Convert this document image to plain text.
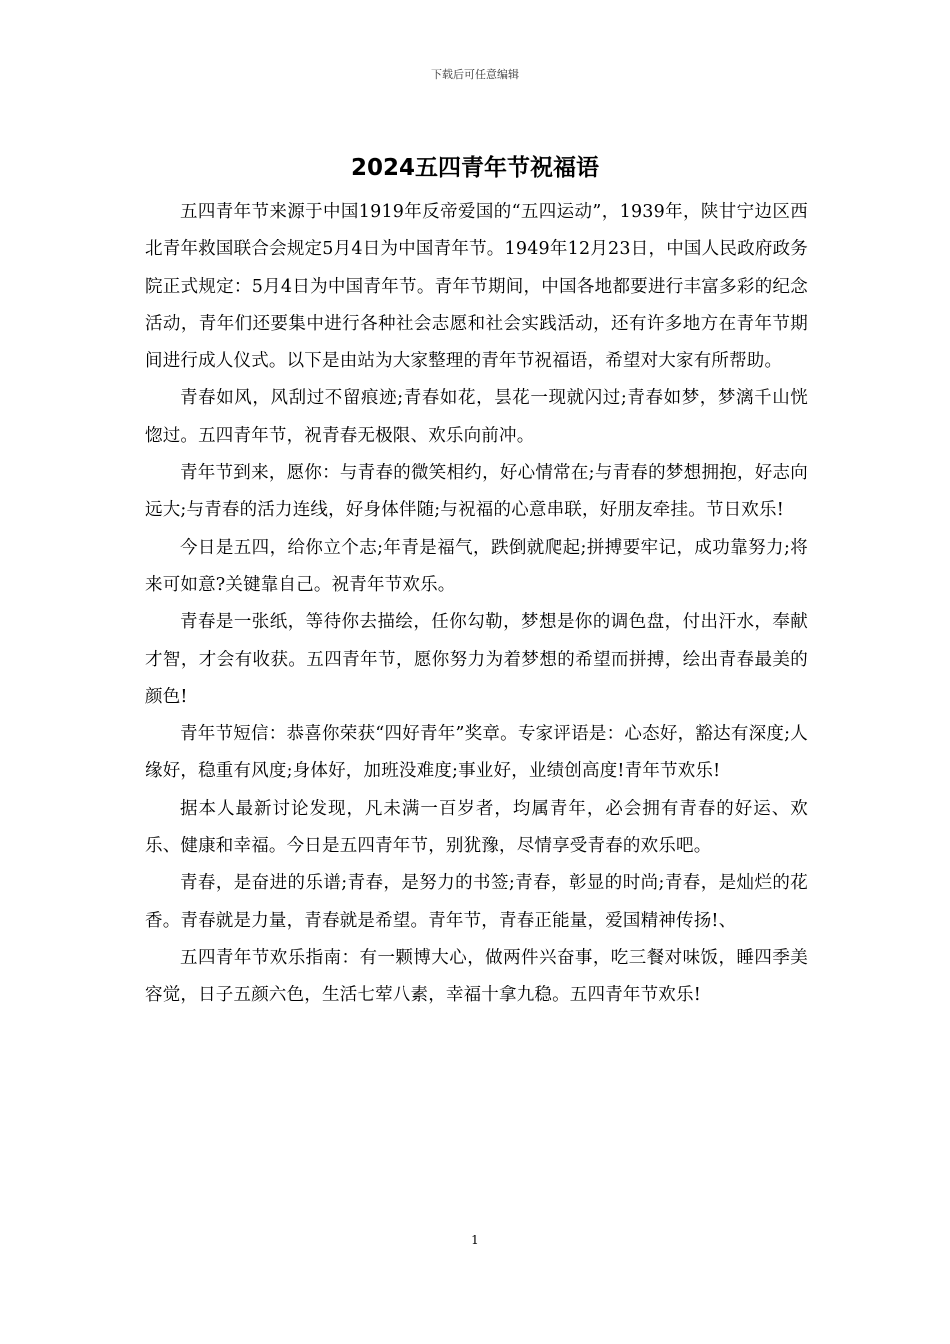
下载后可任意编辑
2024五四青年节祝福语

五四青年节来源于中国1919年反帝爱国的“五四运动”，1939年，陕甘宁边区西北青年救国联合会规定5月4日为中国青年节。1949年12月23日，中国人民政府政务院正式规定：5月4日为中国青年节。青年节期间，中国各地都要进行丰富多彩的纪念活动，青年们还要集中进行各种社会志愿和社会实践活动，还有许多地方在青年节期间进行成人仪式。以下是由站为大家整理的青年节祝福语，希望对大家有所帮助。

青春如风，风刮过不留痕迹;青春如花，昙花一现就闪过;青春如梦，梦漓千山恍惚过。五四青年节，祝青春无极限、欢乐向前冲。

青年节到来，愿你：与青春的微笑相约，好心情常在;与青春的梦想拥抱，好志向远大;与青春的活力连线，好身体伴随;与祝福的心意串联，好朋友牵挂。节日欢乐!

今日是五四，给你立个志;年青是福气，跌倒就爬起;拼搏要牢记，成功靠努力;将来可如意?关键靠自己。祝青年节欢乐。

青春是一张纸，等待你去描绘，任你勾勒，梦想是你的调色盘，付出汗水，奉献才智，才会有收获。五四青年节，愿你努力为着梦想的希望而拼搏，绘出青春最美的颜色!

青年节短信：恭喜你荣获“四好青年”奖章。专家评语是：心态好，豁达有深度;人缘好，稳重有风度;身体好，加班没难度;事业好，业绩创高度!青年节欢乐!

据本人最新讨论发现，凡未满一百岁者，均属青年，必会拥有青春的好运、欢乐、健康和幸福。今日是五四青年节，别犹豫，尽情享受青春的欢乐吧。

青春，是奋进的乐谱;青春，是努力的书签;青春，彰显的时尚;青春，是灿烂的花香。青春就是力量，青春就是希望。青年节，青春正能量，爱国精神传扬!、

五四青年节欢乐指南：有一颗博大心，做两件兴奋事，吃三餐对味饭，睡四季美容觉，日子五颜六色，生活七荤八素，幸福十拿九稳。五四青年节欢乐!

1
